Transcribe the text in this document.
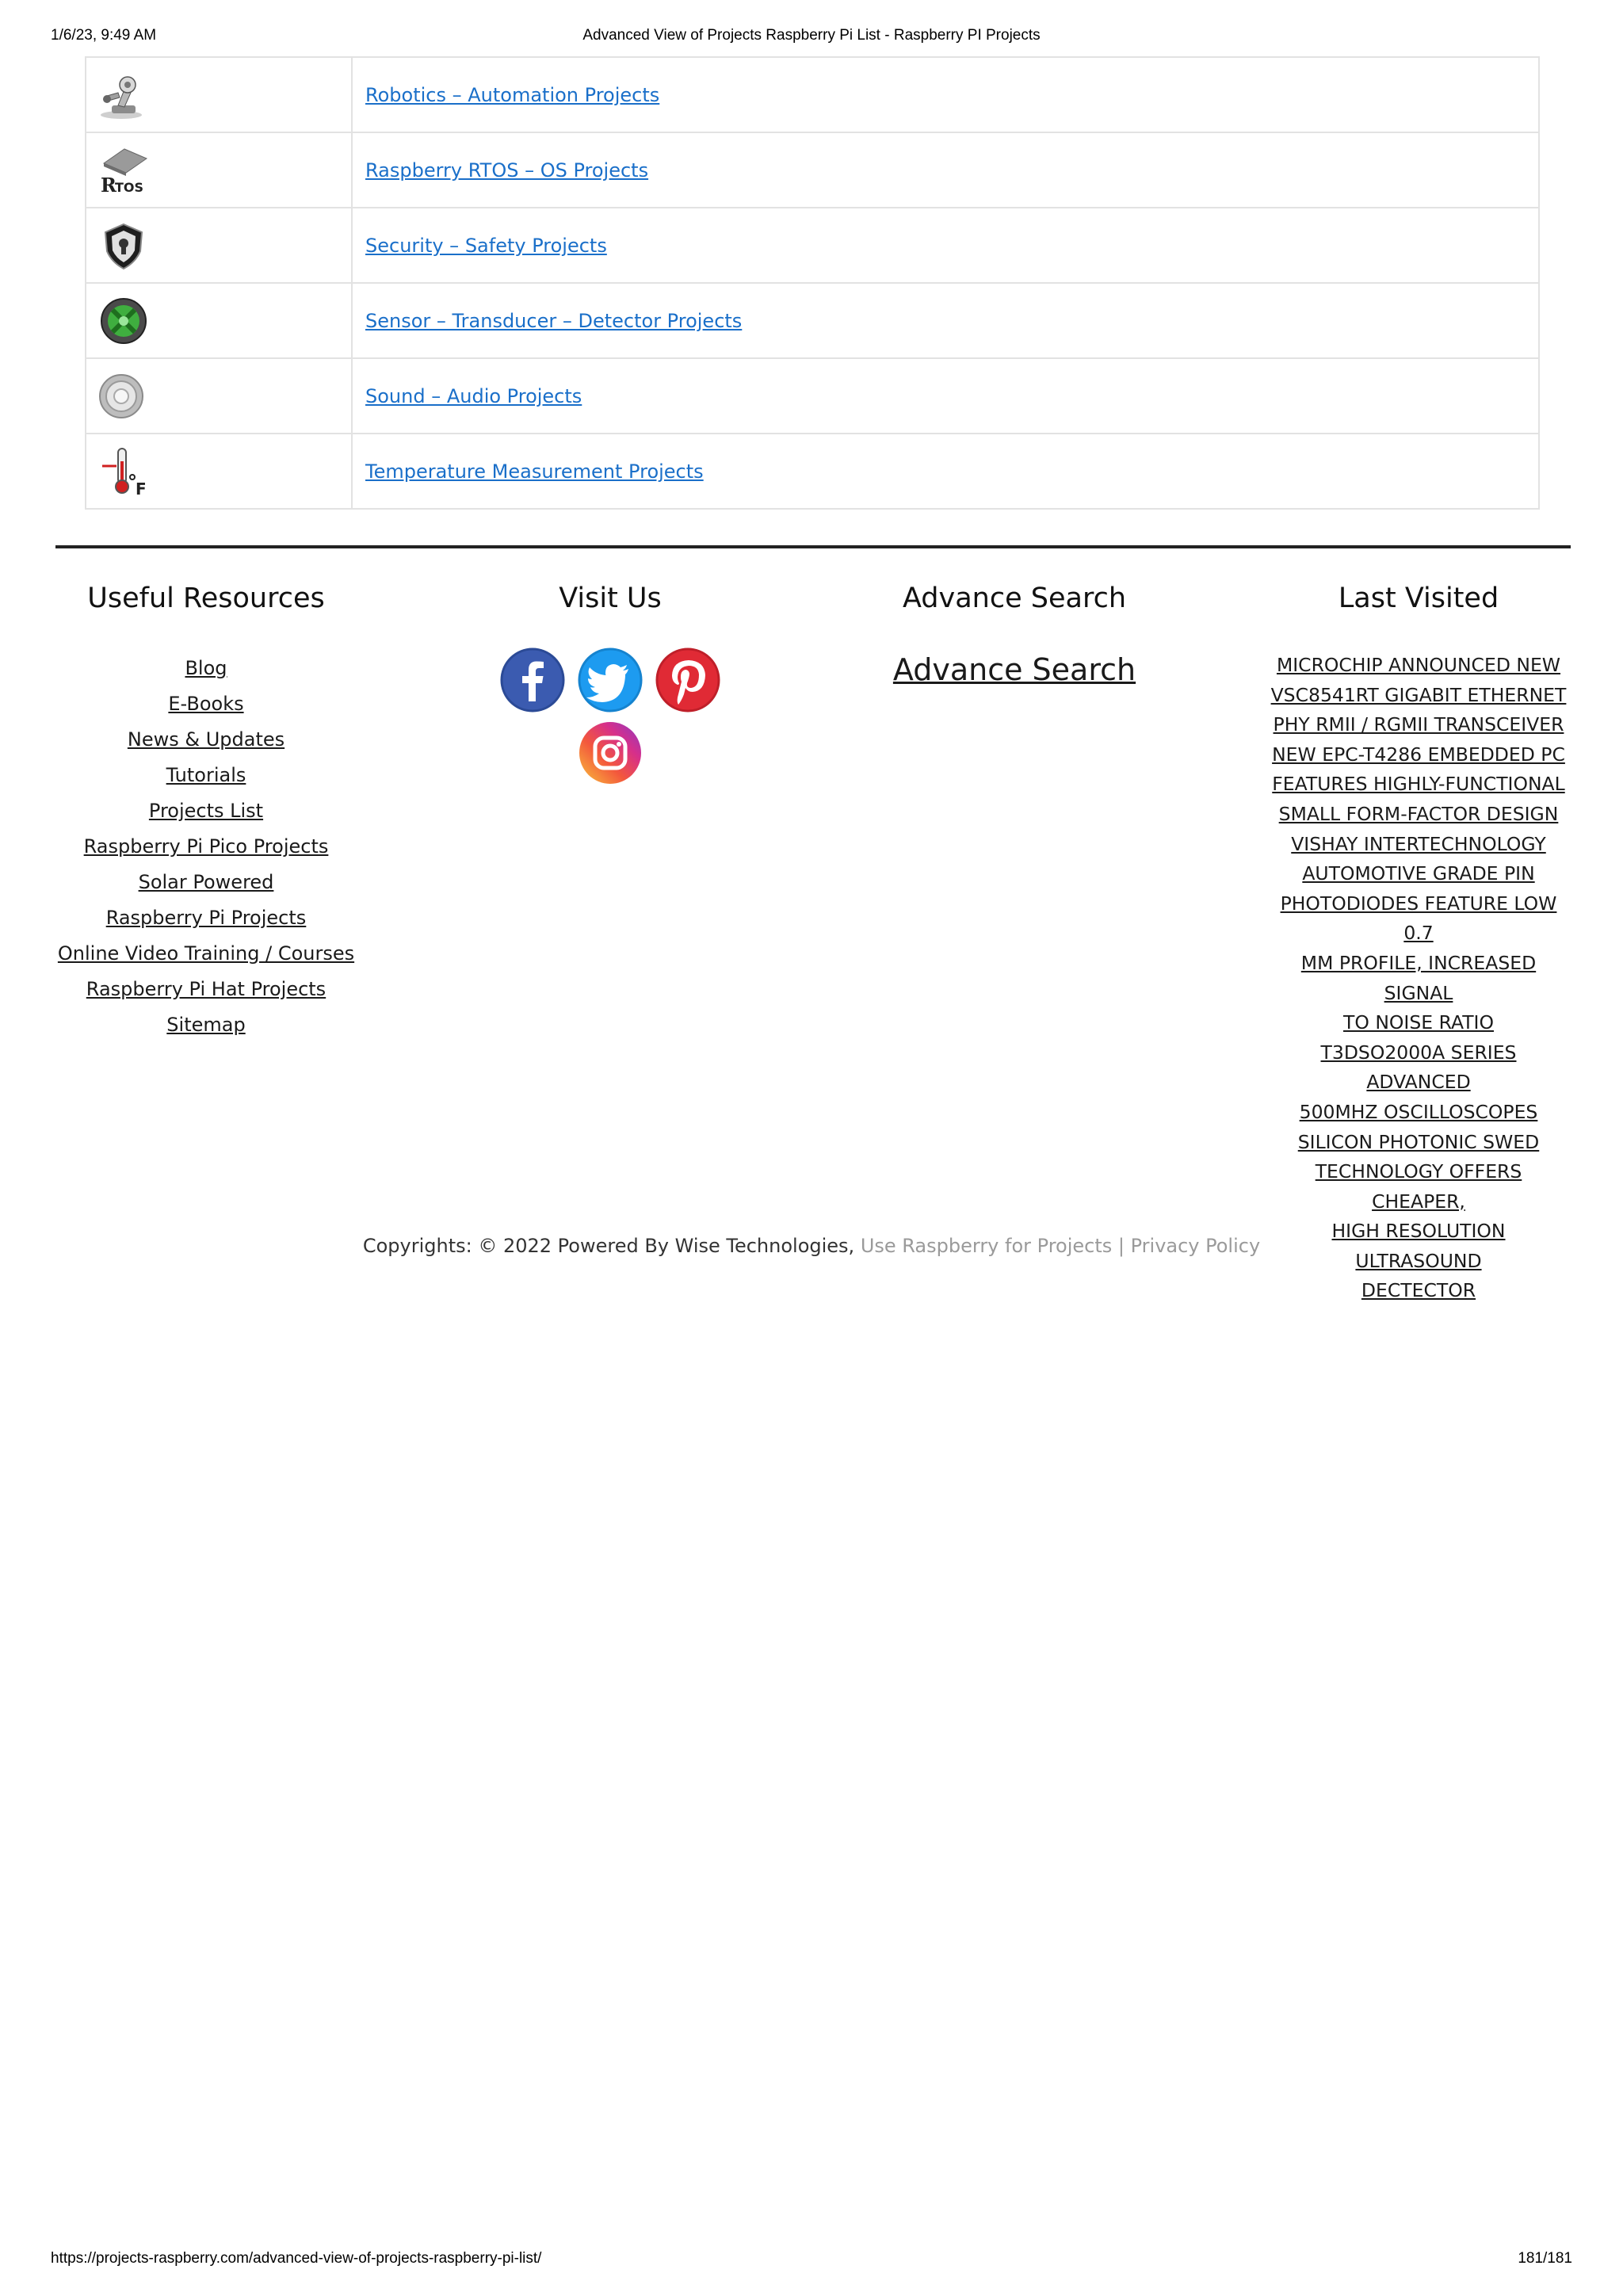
1/6/23, 9:49 AM	Advanced View of Projects Raspberry Pi List - Raspberry PI Projects
	Robotics – Automation Projects

R
TOS	Raspberry RTOS – OS Projects

	Security – Safety Projects

	Sensor – Transducer – Detector Projects

	Sound – Audio Projects

F	Temperature Measurement Projects
Useful Resources
Blog
E-Books
News & Updates
Tutorials
Projects List
Raspberry Pi Pico Projects
Solar Powered Raspberry Pi Projects
Online Video Training / Courses
Raspberry Pi Hat Projects
Sitemap
Visit Us	Advance Search
Advance Search
Last Visited
MICROCHIP ANNOUNCED NEW
VSC8541RT GIGABIT ETHERNET
PHY RMII / RGMII TRANSCEIVER
NEW EPC-T4286 EMBEDDED PC
FEATURES HIGHLY-FUNCTIONAL
SMALL FORM-FACTOR DESIGN
VISHAY INTERTECHNOLOGY
AUTOMOTIVE GRADE PIN
PHOTODIODES FEATURE LOW 0.7
MM PROFILE, INCREASED SIGNAL
TO NOISE RATIO
T3DSO2000A SERIES ADVANCED
500MHZ OSCILLOSCOPES
SILICON PHOTONIC SWED
TECHNOLOGY OFFERS CHEAPER,
HIGH RESOLUTION ULTRASOUND
DECTECTOR
Copyrights: © 2022 Powered By Wise Technologies, Use Raspberry for Projects | Privacy Policy
https://projects-raspberry.com/advanced-view-of-projects-raspberry-pi-list/	181/181
